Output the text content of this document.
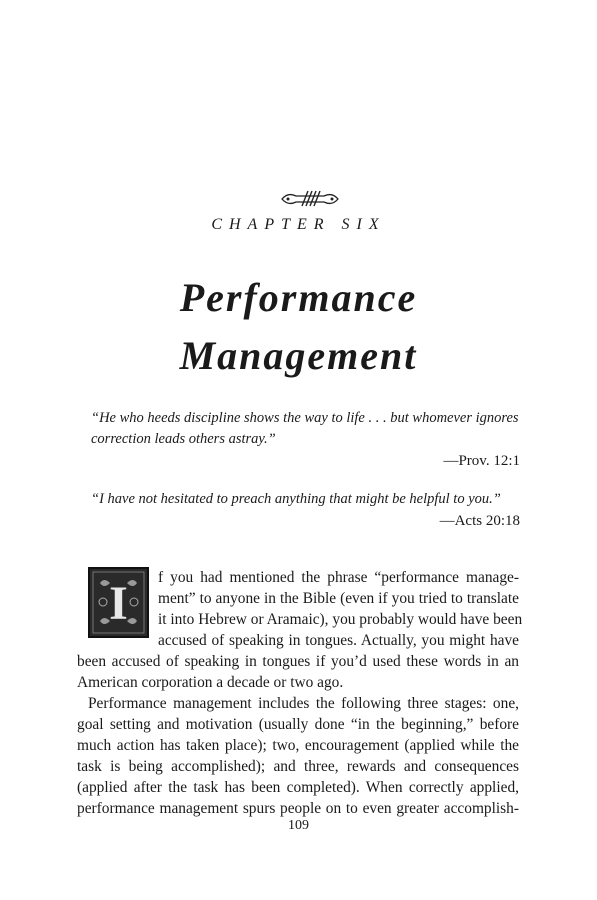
CHAPTER SIX
Performance
Management
“He who heeds discipline shows the way to life . . . but whomever ignores
correction leads others astray.”
—Prov. 12:1
“I have not hesitated to preach anything that might be helpful to you.”
—Acts 20:18
I f you had mentioned the phrase “performance manage-
ment” to anyone in the Bible (even if you tried to translate
it into Hebrew or Aramaic), you probably would have been
accused of speaking in tongues. Actually, you might have
been accused of speaking in tongues if you’d used these words in an
American corporation a decade or two ago.
Performance management includes the following three stages: one,
goal setting and motivation (usually done “in the beginning,” before
much action has taken place); two, encouragement (applied while the
task is being accomplished); and three, rewards and consequences
(applied after the task has been completed). When correctly applied,
performance management spurs people on to even greater accomplish-
109
